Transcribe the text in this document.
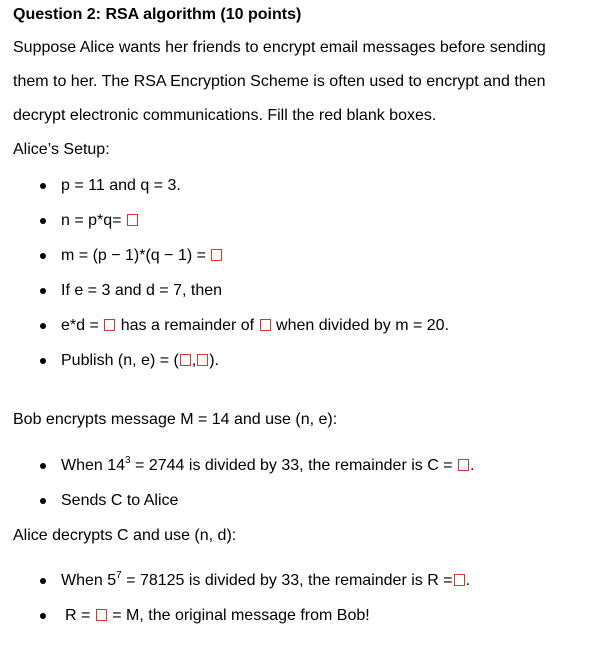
Question 2: RSA algorithm (10 points)
Suppose Alice wants her friends to encrypt email messages before sending
them to her. The RSA Encryption Scheme is often used to encrypt and then
decrypt electronic communications. Fill the red blank boxes.
Alice’s Setup:
p = 11 and q = 3.
n = p*q=
m = (p − 1)*(q − 1) =
If e = 3 and d = 7, then
e*d = has a remainder of when divided by m = 20.
Publish (n, e) = ( , ).
Bob encrypts message M = 14 and use (n, e):
When $14^3 = 2744$ is divided by 33, the remainder is C = .
Sends C to Alice
Alice decrypts C and use (n, d):
When $5^7 = 78125$ is divided by 33, the remainder is R = .
R = = M, the original message from Bob!
